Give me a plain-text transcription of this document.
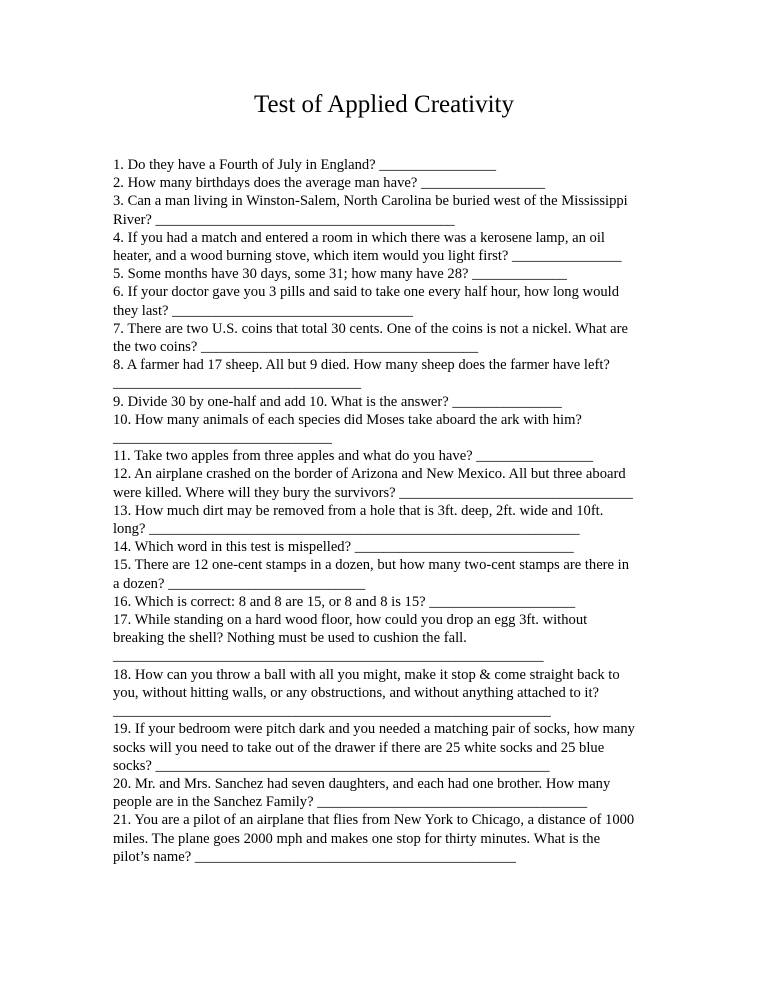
Test of Applied Creativity

1. Do they have a Fourth of July in England? ________________

2. How many birthdays does the average man have? _________________

3. Can a man living in Winston-Salem, North Carolina be buried west of the Mississippi

River? _________________________________________

4. If you had a match and entered a room in which there was a kerosene lamp, an oil

heater, and a wood burning stove, which item would you light first? _______________

5. Some months have 30 days, some 31; how many have 28? _____________

6. If your doctor gave you 3 pills and said to take one every half hour, how long would

they last? _________________________________

7. There are two U.S. coins that total 30 cents. One of the coins is not a nickel. What are

the two coins? ______________________________________

8. A farmer had 17 sheep. All but 9 died. How many sheep does the farmer have left?

__________________________________

9. Divide 30 by one-half and add 10. What is the answer? _______________

10. How many animals of each species did Moses take aboard the ark with him?

______________________________

11. Take two apples from three apples and what do you have? ________________

12. An airplane crashed on the border of Arizona and New Mexico. All but three aboard

were killed. Where will they bury the survivors? ________________________________

13. How much dirt may be removed from a hole that is 3ft. deep, 2ft. wide and 10ft.

long? ___________________________________________________________

14. Which word in this test is mispelled? ______________________________

15. There are 12 one-cent stamps in a dozen, but how many two-cent stamps are there in

a dozen? ___________________________

16. Which is correct: 8 and 8 are 15, or 8 and 8 is 15? ____________________

17. While standing on a hard wood floor, how could you drop an egg 3ft. without

breaking the shell? Nothing must be used to cushion the fall.

___________________________________________________________

18. How can you throw a ball with all you might, make it stop & come straight back to

you, without hitting walls, or any obstructions, and without anything attached to it?

____________________________________________________________

19. If your bedroom were pitch dark and you needed a matching pair of socks, how many

socks will you need to take out of the drawer if there are 25 white socks and 25 blue

socks? ______________________________________________________

20. Mr. and Mrs. Sanchez had seven daughters, and each had one brother. How many

people are in the Sanchez Family? _____________________________________

21. You are a pilot of an airplane that flies from New York to Chicago, a distance of 1000

miles. The plane goes 2000 mph and makes one stop for thirty minutes. What is the

pilot’s name? ____________________________________________
